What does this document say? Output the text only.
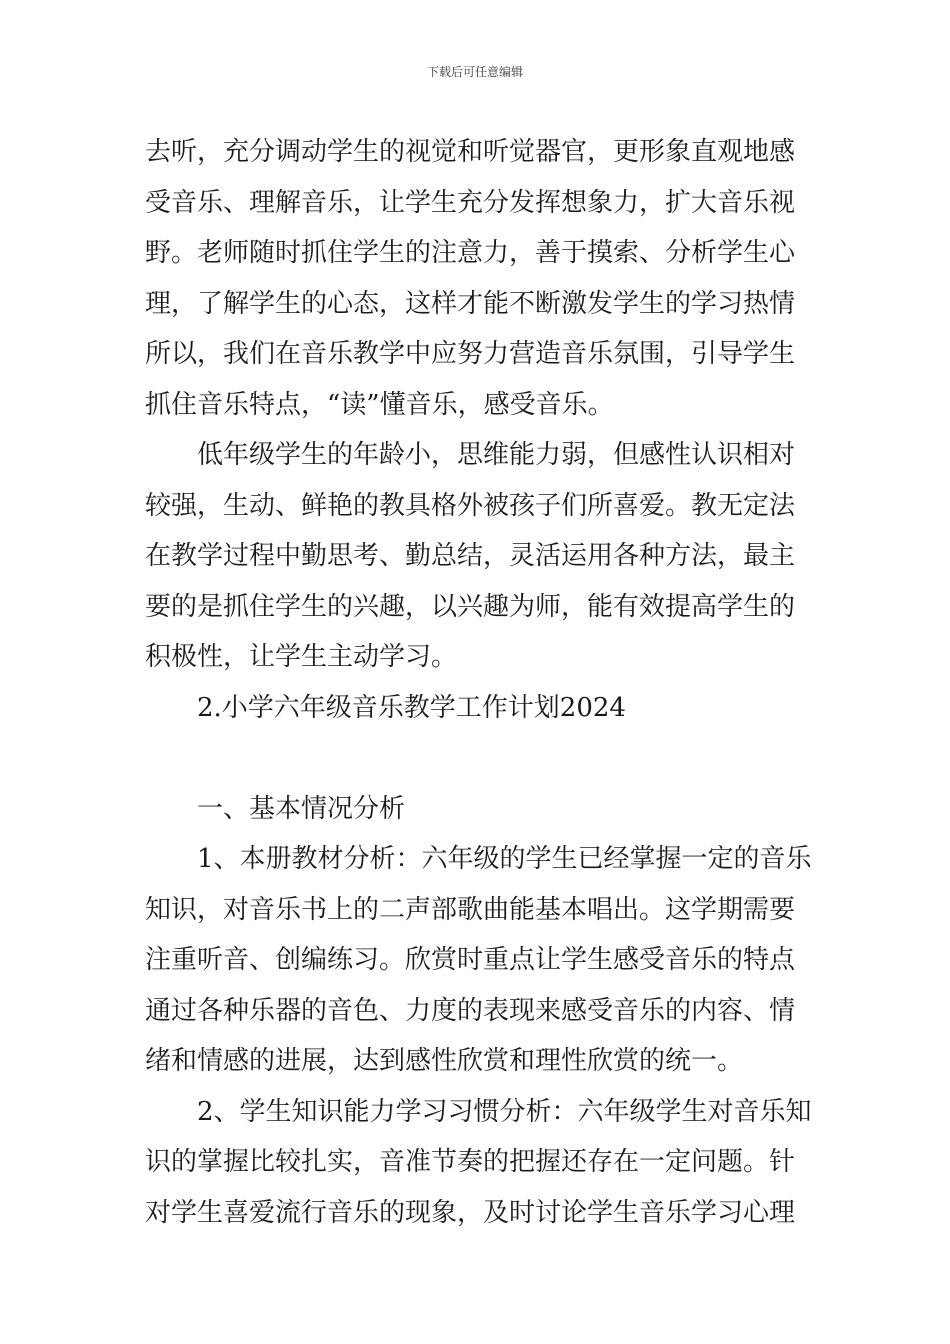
下载后可任意编辑
去听，充分调动学生的视觉和听觉器官，更形象直观地感
受音乐、理解音乐，让学生充分发挥想象力，扩大音乐视
野。老师随时抓住学生的注意力，善于摸索、分析学生心
理，了解学生的心态，这样才能不断激发学生的学习热情
所以，我们在音乐教学中应努力营造音乐氛围，引导学生
抓住音乐特点，“读”懂音乐，感受音乐。
低年级学生的年龄小，思维能力弱，但感性认识相对
较强，生动、鲜艳的教具格外被孩子们所喜爱。教无定法
在教学过程中勤思考、勤总结，灵活运用各种方法，最主
要的是抓住学生的兴趣，以兴趣为师，能有效提高学生的
积极性，让学生主动学习。
2.小学六年级音乐教学工作计划2024
一、基本情况分析
1、本册教材分析：六年级的学生已经掌握一定的音乐
知识，对音乐书上的二声部歌曲能基本唱出。这学期需要
注重听音、创编练习。欣赏时重点让学生感受音乐的特点
通过各种乐器的音色、力度的表现来感受音乐的内容、情
绪和情感的进展，达到感性欣赏和理性欣赏的统一。
2、学生知识能力学习习惯分析：六年级学生对音乐知
识的掌握比较扎实，音准节奏的把握还存在一定问题。针
对学生喜爱流行音乐的现象，及时讨论学生音乐学习心理
